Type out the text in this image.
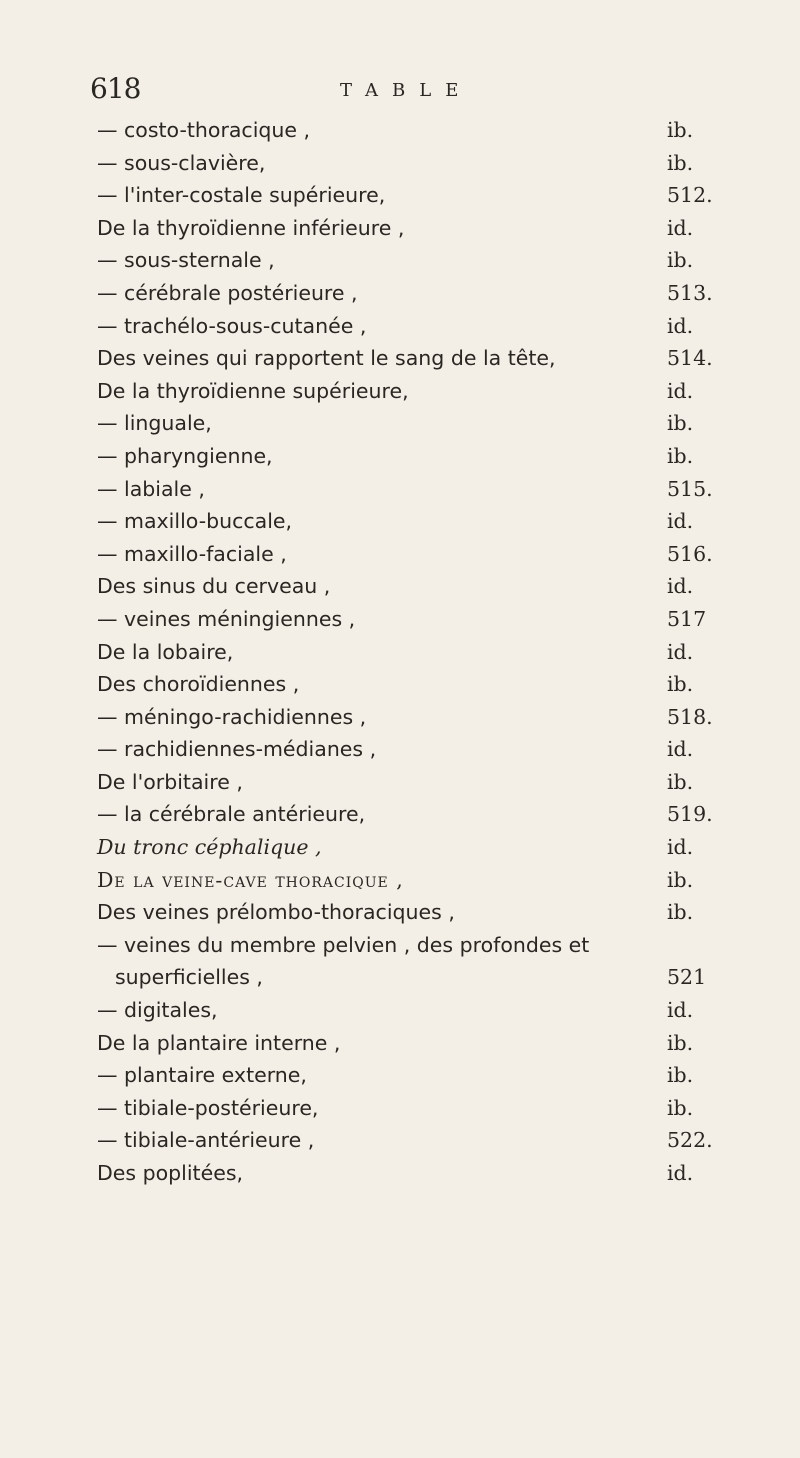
618	TABLE
— costo-thoracique ,	ib.
— sous-clavière,	ib.
— l'inter-costale supérieure,	512.
De la thyroïdienne inférieure ,	id.
— sous-sternale ,	ib.
— cérébrale postérieure ,	513.
— trachélo-sous-cutanée ,	id.
Des veines qui rapportent le sang de la tête,	514.
De la thyroïdienne supérieure,	id.
— linguale,	ib.
— pharyngienne,	ib.
— labiale ,	515.
— maxillo-buccale,	id.
— maxillo-faciale ,	516.
Des sinus du cerveau ,	id.
— veines méningiennes ,	517
De la lobaire,	id.
Des choroïdiennes ,	ib.
— méningo-rachidiennes ,	518.
— rachidiennes-médianes ,	id.
De l'orbitaire ,	ib.
— la cérébrale antérieure,	519.
Du tronc céphalique ,	id.
De la veine-cave thoracique ,	ib.
Des veines prélombo-thoraciques ,	ib.
— veines du membre pelvien , des profondes et
superficielles ,	521
— digitales,	id.
De la plantaire interne ,	ib.
— plantaire externe,	ib.
— tibiale-postérieure,	ib.
— tibiale-antérieure ,	522.
Des poplitées,	id.
